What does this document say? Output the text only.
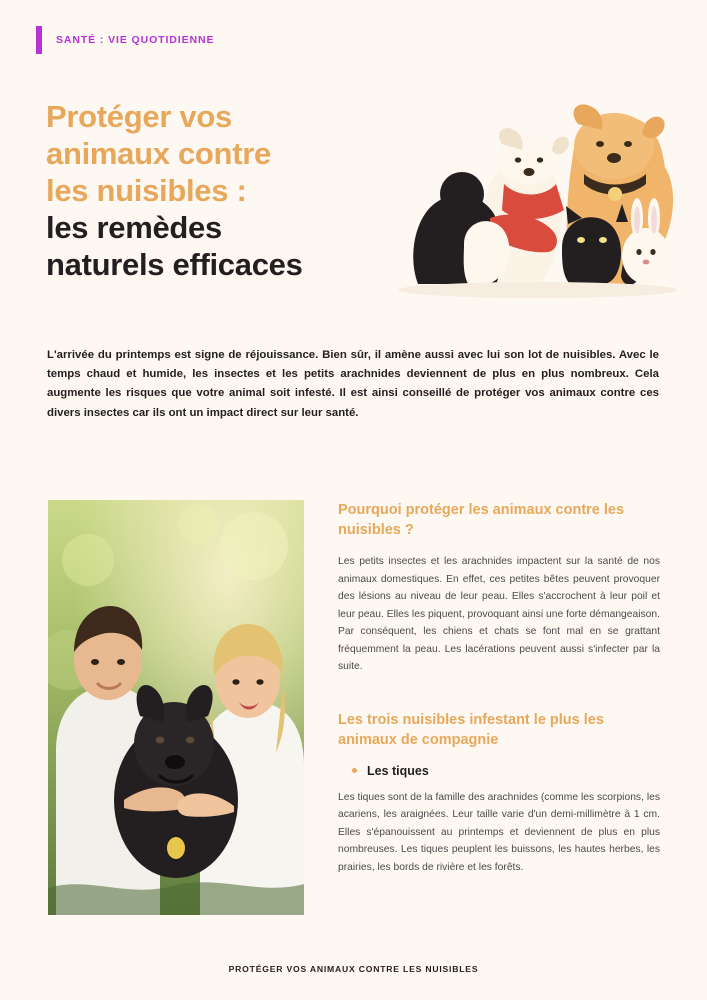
SANTÉ : VIE QUOTIDIENNE
Protéger vos
animaux contre
les nuisibles :
les remèdes
naturels efficaces
L'arrivée du printemps est signe de réjouissance. Bien sûr, il amène aussi avec lui son lot de nuisibles. Avec le temps chaud et humide, les insectes et les petits arachnides deviennent de plus en plus nombreux. Cela augmente les risques que votre animal soit infesté. Il est ainsi conseillé de protéger vos animaux contre ces divers insectes car ils ont un impact direct sur leur santé.
Pourquoi protéger les animaux contre les nuisibles ?
Les petits insectes et les arachnides impactent sur la santé de nos animaux domestiques. En effet, ces petites bêtes peuvent provoquer des lésions au niveau de leur peau. Elles s'accrochent à leur poil et leur peau. Elles les piquent, provoquant ainsi une forte démangeaison. Par conséquent, les chiens et chats se font mal en se grattant fréquemment la peau. Les lacérations peuvent aussi s'infecter par la suite.
Les trois nuisibles infestant le plus les animaux de compagnie
Les tiques
Les tiques sont de la famille des arachnides (comme les scorpions, les acariens, les araignées. Leur taille varie d'un demi-millimètre à 1 cm. Elles s'épanouissent au printemps et deviennent de plus en plus nombreuses. Les tiques peuplent les buissons, les hautes herbes, les prairies, les bords de rivière et les forêts.
PROTÉGER VOS ANIMAUX CONTRE LES NUISIBLES
